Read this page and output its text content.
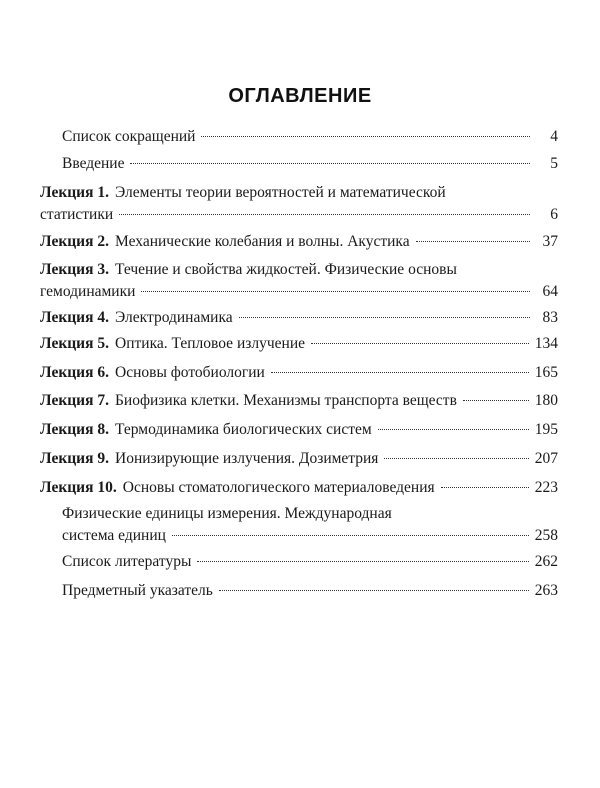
ОГЛАВЛЕНИЕ
Список сокращений	4
Введение	5
Лекция 1. Элементы теории вероятностей и математической
статистики	6
Лекция 2. Механические колебания и волны. Акустика	37
Лекция 3. Течение и свойства жидкостей. Физические основы
гемодинамики	64
Лекция 4. Электродинамика	83
Лекция 5. Оптика. Тепловое излучение	134
Лекция 6. Основы фотобиологии	165
Лекция 7. Биофизика клетки. Механизмы транспорта веществ	180
Лекция 8. Термодинамика биологических систем	195
Лекция 9. Ионизирующие излучения. Дозиметрия	207
Лекция 10. Основы стоматологического материаловедения	223
Физические единицы измерения. Международная
система единиц	258
Список литературы	262
Предметный указатель	263
